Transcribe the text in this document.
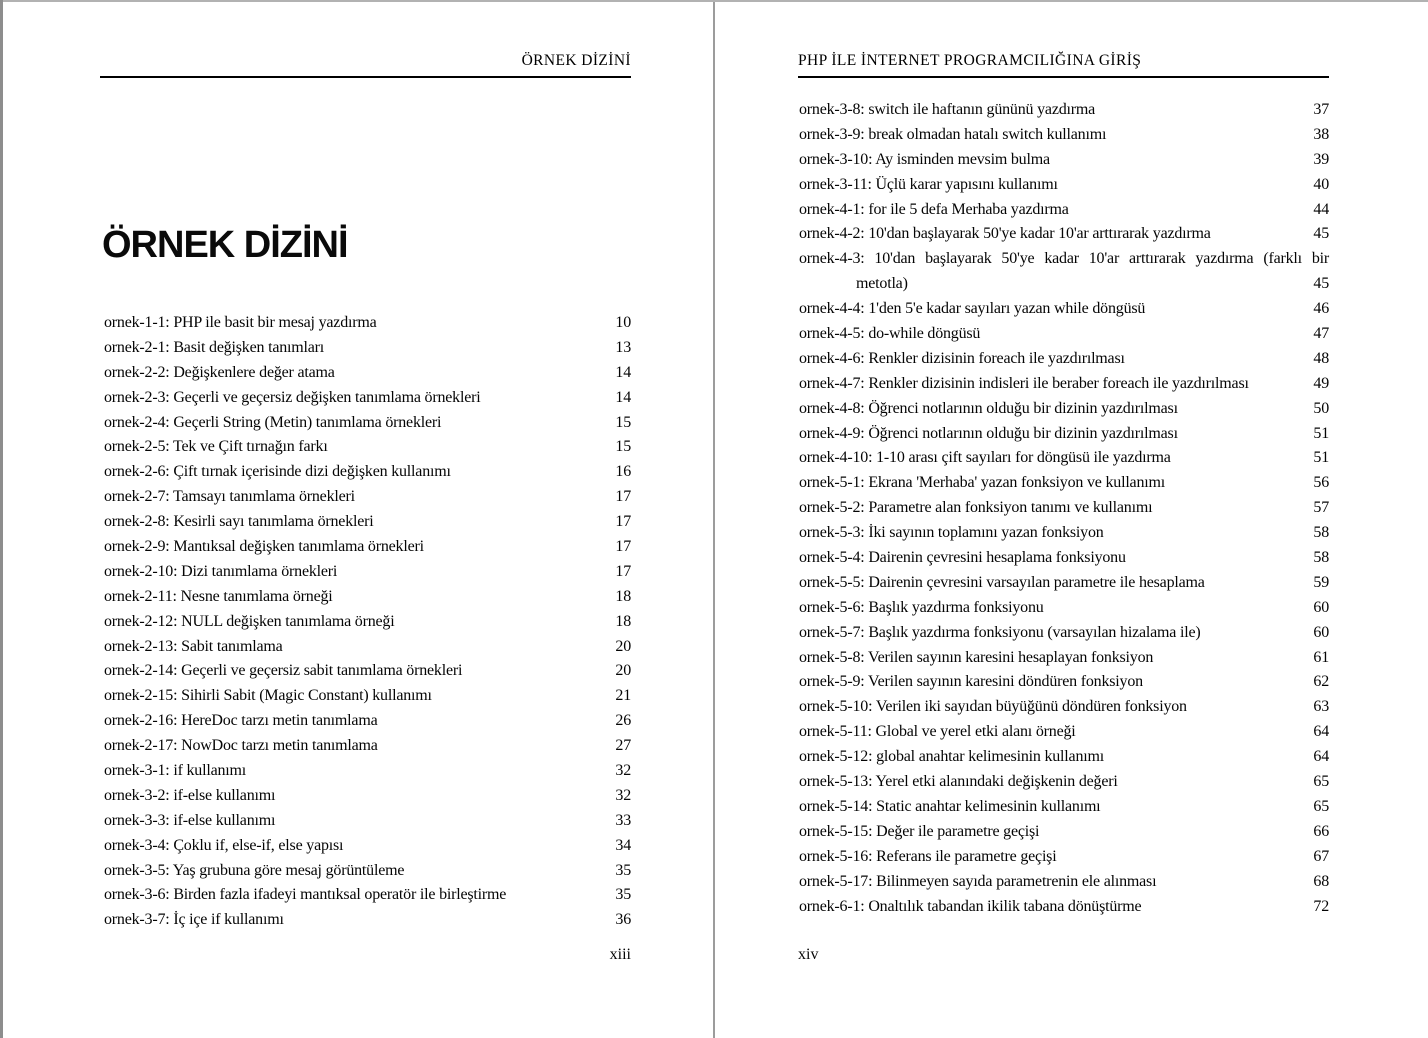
ÖRNEK DİZİNİ
ÖRNEK DİZİNİ
ornek-1-1: PHP ile basit bir mesaj yazdırma	10
ornek-2-1: Basit değişken tanımları	13
ornek-2-2: Değişkenlere değer atama	14
ornek-2-3: Geçerli ve geçersiz değişken tanımlama örnekleri	14
ornek-2-4: Geçerli String (Metin) tanımlama örnekleri	15
ornek-2-5: Tek ve Çift tırnağın farkı	15
ornek-2-6: Çift tırnak içerisinde dizi değişken kullanımı	16
ornek-2-7: Tamsayı tanımlama örnekleri	17
ornek-2-8: Kesirli sayı tanımlama örnekleri	17
ornek-2-9: Mantıksal değişken tanımlama örnekleri	17
ornek-2-10: Dizi tanımlama örnekleri	17
ornek-2-11: Nesne tanımlama örneği	18
ornek-2-12: NULL değişken tanımlama örneği	18
ornek-2-13: Sabit tanımlama	20
ornek-2-14: Geçerli ve geçersiz sabit tanımlama örnekleri	20
ornek-2-15: Sihirli Sabit (Magic Constant) kullanımı	21
ornek-2-16: HereDoc tarzı metin tanımlama	26
ornek-2-17: NowDoc tarzı metin tanımlama	27
ornek-3-1: if kullanımı	32
ornek-3-2: if-else kullanımı	32
ornek-3-3: if-else kullanımı	33
ornek-3-4: Çoklu if, else-if, else yapısı	34
ornek-3-5: Yaş grubuna göre mesaj görüntüleme	35
ornek-3-6: Birden fazla ifadeyi mantıksal operatör ile birleştirme	35
ornek-3-7: İç içe if kullanımı	36
xiii
PHP İLE İNTERNET PROGRAMCILIĞINA GİRİŞ
ornek-3-8: switch ile haftanın gününü yazdırma	37
ornek-3-9: break olmadan hatalı switch kullanımı	38
ornek-3-10: Ay isminden mevsim bulma	39
ornek-3-11: Üçlü karar yapısını kullanımı	40
ornek-4-1: for ile 5 defa Merhaba yazdırma	44
ornek-4-2: 10'dan başlayarak 50'ye kadar 10'ar arttırarak yazdırma	45
ornek-4-3: 10'dan başlayarak 50'ye kadar 10'ar arttırarak yazdırma (farklı bir
metotla)	45
ornek-4-4: 1'den 5'e kadar sayıları yazan while döngüsü	46
ornek-4-5: do-while döngüsü	47
ornek-4-6: Renkler dizisinin foreach ile yazdırılması	48
ornek-4-7: Renkler dizisinin indisleri ile beraber foreach ile yazdırılması	49
ornek-4-8: Öğrenci notlarının olduğu bir dizinin yazdırılması	50
ornek-4-9: Öğrenci notlarının olduğu bir dizinin yazdırılması	51
ornek-4-10: 1-10 arası çift sayıları for döngüsü ile yazdırma	51
ornek-5-1: Ekrana 'Merhaba' yazan fonksiyon ve kullanımı	56
ornek-5-2: Parametre alan fonksiyon tanımı ve kullanımı	57
ornek-5-3: İki sayının toplamını yazan fonksiyon	58
ornek-5-4: Dairenin çevresini hesaplama fonksiyonu	58
ornek-5-5: Dairenin çevresini varsayılan parametre ile hesaplama	59
ornek-5-6: Başlık yazdırma fonksiyonu	60
ornek-5-7: Başlık yazdırma fonksiyonu (varsayılan hizalama ile)	60
ornek-5-8: Verilen sayının karesini hesaplayan fonksiyon	61
ornek-5-9: Verilen sayının karesini döndüren fonksiyon	62
ornek-5-10: Verilen iki sayıdan büyüğünü döndüren fonksiyon	63
ornek-5-11: Global ve yerel etki alanı örneği	64
ornek-5-12: global anahtar kelimesinin kullanımı	64
ornek-5-13: Yerel etki alanındaki değişkenin değeri	65
ornek-5-14: Static anahtar kelimesinin kullanımı	65
ornek-5-15: Değer ile parametre geçişi	66
ornek-5-16: Referans ile parametre geçişi	67
ornek-5-17: Bilinmeyen sayıda parametrenin ele alınması	68
ornek-6-1: Onaltılık tabandan ikilik tabana dönüştürme	72
xiv
